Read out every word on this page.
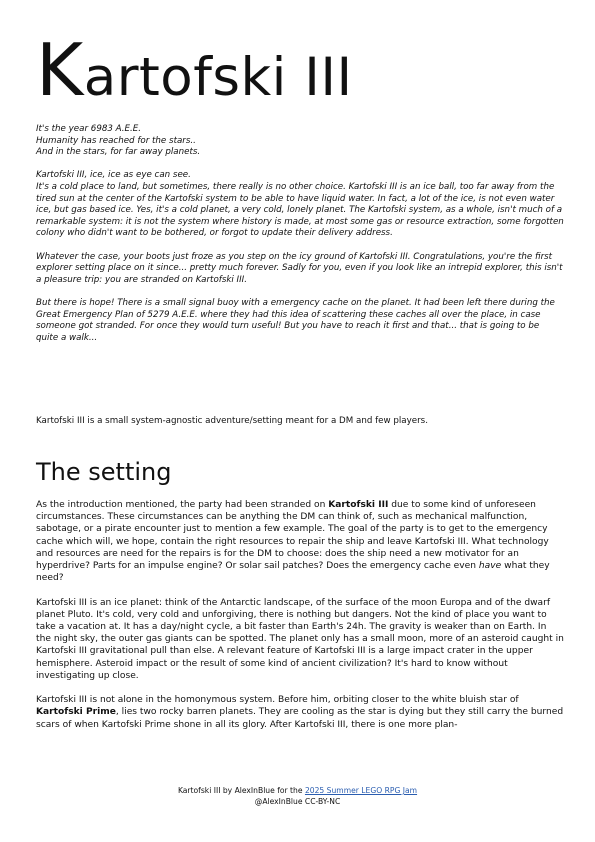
Kartofski III

It's the year 6983 A.E.E.
Humanity has reached for the stars..
And in the stars, for far away planets.

Kartofski III, ice, ice as eye can see.
It's a cold place to land, but sometimes, there really is no other choice. Kartofski III is an ice ball, too far away from the tired sun at the center of the Kartofski system to be able to have liquid water. In fact, a lot of the ice, is not even water ice, but gas based ice. Yes, it's a cold planet, a very cold, lonely planet. The Kartofski system, as a whole, isn't much of a remarkable system: it is not the system where history is made, at most some gas or resource extraction, some forgotten colony who didn't want to be bothered, or forgot to update their delivery address.

Whatever the case, your boots just froze as you step on the icy ground of Kartofski III. Congratulations, you're the first explorer setting place on it since... pretty much forever. Sadly for you, even if you look like an intrepid explorer, this isn't a pleasure trip: you are stranded on Kartofski III.

But there is hope! There is a small signal buoy with a emergency cache on the planet. It had been left there during the Great Emergency Plan of 5279 A.E.E. where they had this idea of scattering these caches all over the place, in case someone got stranded. For once they would turn useful! But you have to reach it first and that... that is going to be quite a walk...

Kartofski III is a small system-agnostic adventure/setting meant for a DM and few players.

The setting

As the introduction mentioned, the party had been stranded on Kartofski III due to some kind of unforeseen circumstances. These circumstances can be anything the DM can think of, such as mechanical malfunction, sabotage, or a pirate encounter just to mention a few example. The goal of the party is to get to the emergency cache which will, we hope, contain the right resources to repair the ship and leave Kartofski III. What technology and resources are need for the repairs is for the DM to choose: does the ship need a new motivator for an hyperdrive? Parts for an impulse engine? Or solar sail patches? Does the emergency cache even have what they need?

Kartofski III is an ice planet: think of the Antarctic landscape, of the surface of the moon Europa and of the dwarf planet Pluto. It's cold, very cold and unforgiving, there is nothing but dangers. Not the kind of place you want to take a vacation at. It has a day/night cycle, a bit faster than Earth's 24h. The gravity is weaker than on Earth. In the night sky, the outer gas giants can be spotted. The planet only has a small moon, more of an asteroid caught in Kartofski III gravitational pull than else. A relevant feature of Kartofski III is a large impact crater in the upper hemisphere. Asteroid impact or the result of some kind of ancient civilization? It's hard to know without investigating up close.

Kartofski III is not alone in the homonymous system. Before him, orbiting closer to the white bluish star of Kartofski Prime, lies two rocky barren planets. They are cooling as the star is dying but they still carry the burned scars of when Kartofski Prime shone in all its glory. After Kartofski III, there is one more plan-

Kartofski III by AlexInBlue for the 2025 Summer LEGO RPG Jam
@AlexInBlue CC-BY-NC
